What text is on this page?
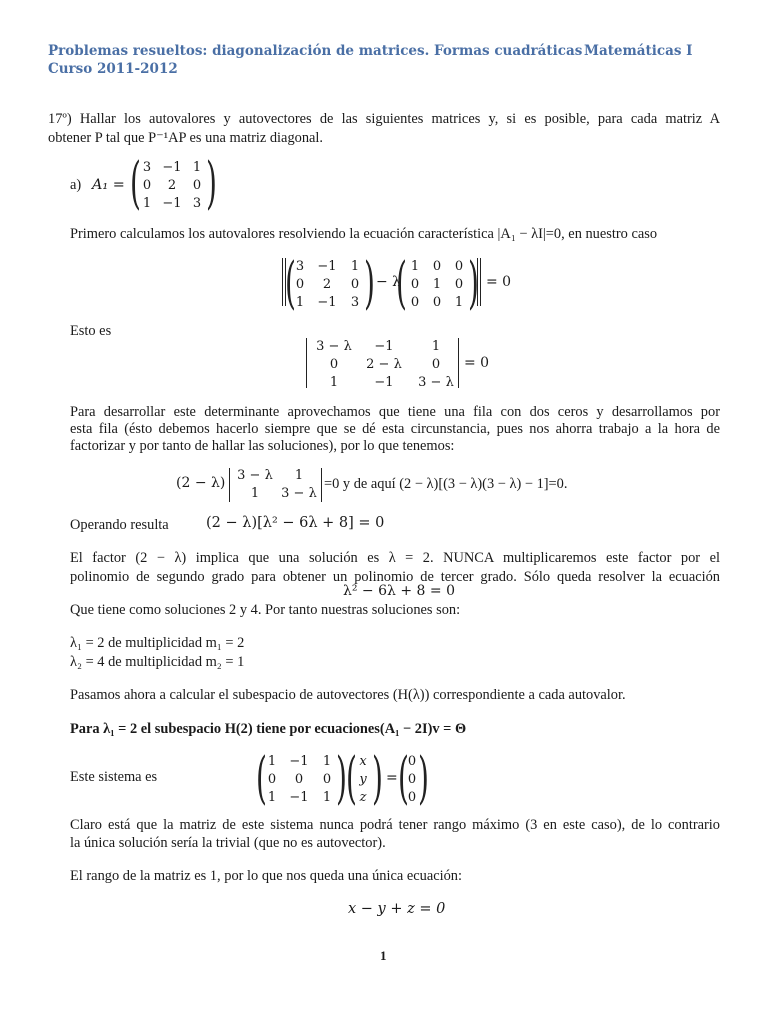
Problemas resueltos: diagonalización de matrices. Formas cuadráticas Matemáticas I
Curso 2011-2012
17º) Hallar los autovalores y autovectores de las siguientes matrices y, si es posible, para cada matriz A
obtener P tal que P⁻¹AP es una matriz diagonal.
a) A₁ = ( 3 −1 1
0	2	0
1 −1 3 )
Primero calculamos los autovalores resolviendo la ecuación característica |A₁ − λI|=0, en nuestro caso
( 3	−1	1
0	2	0
1	−1	3 ) − λ
( 1	0	0
0	1	0
0	0	1 ) = 0
Esto es
3 − λ	−1	1
0	2 − λ	0
1	−1	3 − λ
= 0
Para desarrollar este determinante aprovechamos que tiene una fila con dos ceros y desarrollamos por
esta fila (ésto debemos hacerlo siempre que se dé esta circunstancia, pues nos ahorra trabajo a la hora de
factorizar y por tanto de hallar las soluciones), por lo que tenemos:
(2 − λ) 3 − λ	1
1	3 − λ
=0 y de aquí (2 − λ)[(3 − λ)(3 − λ) − 1]=0.
Operando resulta	(2 − λ)[λ² − 6λ + 8] = 0
El factor (2 − λ) implica que una solución es λ = 2. NUNCA multiplicaremos este factor por el
polinomio de segundo grado para obtener un polinomio de tercer grado. Sólo queda resolver la ecuación
λ² − 6λ + 8 = 0
Que tiene como soluciones 2 y 4. Por tanto nuestras soluciones son:
λ₁ = 2 de multiplicidad m₁ = 2
λ₂ = 4 de multiplicidad m₂ = 1
Pasamos ahora a calcular el subespacio de autovectores (H(λ)) correspondiente a cada autovalor.
Para λ₁ = 2 el subespacio H(2) tiene por ecuaciones(A₁ − 2I)v = Θ
Este sistema es ( 1	−1	1
0	0	0
1	−1	1 ) ( x
y
z ) = (
0
0
0 )
Claro está que la matriz de este sistema nunca podrá tener rango máximo (3 en este caso), de lo contrario
la única solución sería la trivial (que no es autovector).
El rango de la matriz es 1, por lo que nos queda una única ecuación:
x − y + z = 0
1
